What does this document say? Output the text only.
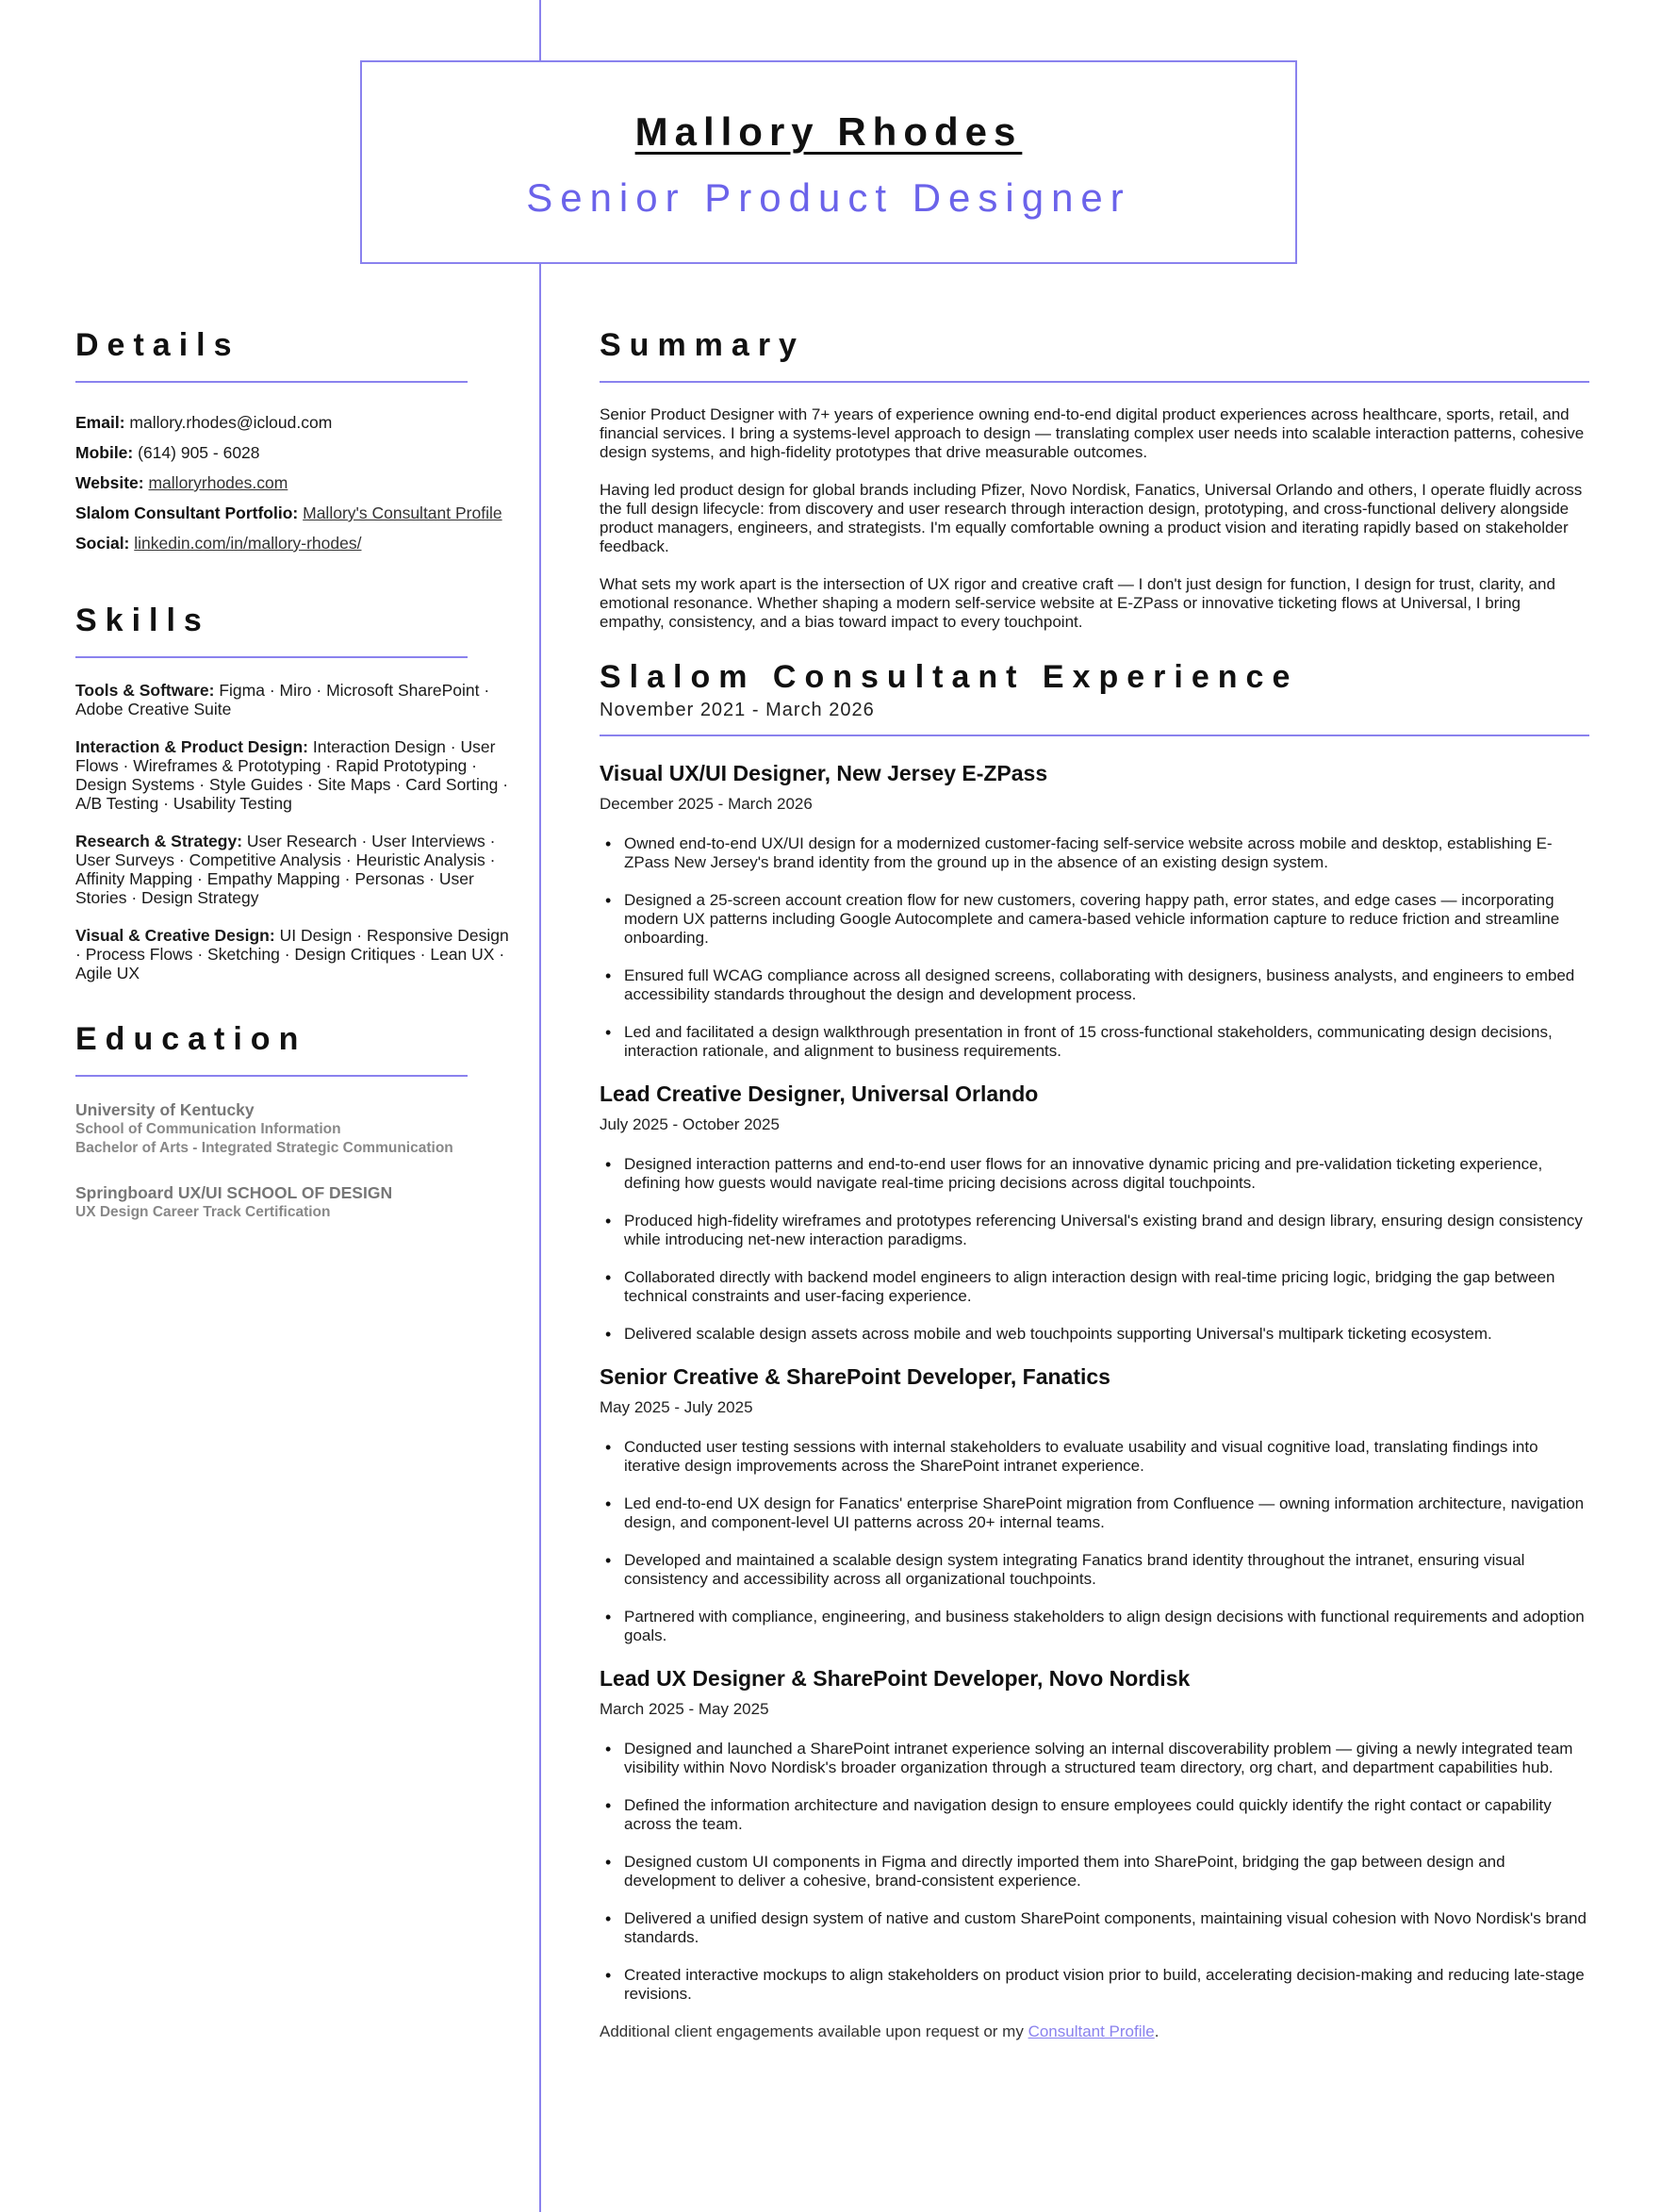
Mallory Rhodes
Senior Product Designer
Details
Email: mallory.rhodes@icloud.com
Mobile: (614) 905 - 6028
Website: malloryrhodes.com
Slalom Consultant Portfolio: Mallory's Consultant Profile
Social: linkedin.com/in/mallory-rhodes/
Skills
Tools & Software: Figma · Miro · Microsoft SharePoint · Adobe Creative Suite
Interaction & Product Design: Interaction Design · User Flows · Wireframes & Prototyping · Rapid Prototyping · Design Systems · Style Guides · Site Maps · Card Sorting · A/B Testing · Usability Testing
Research & Strategy: User Research · User Interviews · User Surveys · Competitive Analysis · Heuristic Analysis · Affinity Mapping · Empathy Mapping · Personas · User Stories · Design Strategy
Visual & Creative Design: UI Design · Responsive Design · Process Flows · Sketching · Design Critiques · Lean UX · Agile UX
Education
University of Kentucky
School of Communication Information
Bachelor of Arts - Integrated Strategic Communication
Springboard UX/UI SCHOOL OF DESIGN
UX Design Career Track Certification
Summary

Senior Product Designer with 7+ years of experience owning end-to-end digital product experiences across healthcare, sports, retail, and financial services. I bring a systems-level approach to design — translating complex user needs into scalable interaction patterns, cohesive design systems, and high-fidelity prototypes that drive measurable outcomes.

Having led product design for global brands including Pfizer, Novo Nordisk, Fanatics, Universal Orlando and others, I operate fluidly across the full design lifecycle: from discovery and user research through interaction design, prototyping, and cross-functional delivery alongside product managers, engineers, and strategists. I'm equally comfortable owning a product vision and iterating rapidly based on stakeholder feedback.

What sets my work apart is the intersection of UX rigor and creative craft — I don't just design for function, I design for trust, clarity, and emotional resonance. Whether shaping a modern self-service website at E-ZPass or innovative ticketing flows at Universal, I bring empathy, consistency, and a bias toward impact to every touchpoint.

Slalom Consultant Experience
November 2021 - March 2026
Visual UX/UI Designer, New Jersey E-ZPass
December 2025 - March 2026
• Owned end-to-end UX/UI design for a modernized customer-facing self-service website across mobile and desktop, establishing E-ZPass New Jersey's brand identity from the ground up in the absence of an existing design system.
• Designed a 25-screen account creation flow for new customers, covering happy path, error states, and edge cases — incorporating modern UX patterns including Google Autocomplete and camera-based vehicle information capture to reduce friction and streamline onboarding.
• Ensured full WCAG compliance across all designed screens, collaborating with designers, business analysts, and engineers to embed accessibility standards throughout the design and development process.
• Led and facilitated a design walkthrough presentation in front of 15 cross-functional stakeholders, communicating design decisions, interaction rationale, and alignment to business requirements.
Lead Creative Designer, Universal Orlando
July 2025 - October 2025
• Designed interaction patterns and end-to-end user flows for an innovative dynamic pricing and pre-validation ticketing experience, defining how guests would navigate real-time pricing decisions across digital touchpoints.
• Produced high-fidelity wireframes and prototypes referencing Universal's existing brand and design library, ensuring design consistency while introducing net-new interaction paradigms.
• Collaborated directly with backend model engineers to align interaction design with real-time pricing logic, bridging the gap between technical constraints and user-facing experience.
• Delivered scalable design assets across mobile and web touchpoints supporting Universal's multipark ticketing ecosystem.
Senior Creative & SharePoint Developer, Fanatics
May 2025 - July 2025
• Conducted user testing sessions with internal stakeholders to evaluate usability and visual cognitive load, translating findings into iterative design improvements across the SharePoint intranet experience.
• Led end-to-end UX design for Fanatics' enterprise SharePoint migration from Confluence — owning information architecture, navigation design, and component-level UI patterns across 20+ internal teams.
• Developed and maintained a scalable design system integrating Fanatics brand identity throughout the intranet, ensuring visual consistency and accessibility across all organizational touchpoints.
• Partnered with compliance, engineering, and business stakeholders to align design decisions with functional requirements and adoption goals.
Lead UX Designer & SharePoint Developer, Novo Nordisk
March 2025 - May 2025
• Designed and launched a SharePoint intranet experience solving an internal discoverability problem — giving a newly integrated team visibility within Novo Nordisk's broader organization through a structured team directory, org chart, and department capabilities hub.
• Defined the information architecture and navigation design to ensure employees could quickly identify the right contact or capability across the team.
• Designed custom UI components in Figma and directly imported them into SharePoint, bridging the gap between design and development to deliver a cohesive, brand-consistent experience.
• Delivered a unified design system of native and custom SharePoint components, maintaining visual cohesion with Novo Nordisk's brand standards.
• Created interactive mockups to align stakeholders on product vision prior to build, accelerating decision-making and reducing late-stage revisions.
Additional client engagements available upon request or my Consultant Profile.
